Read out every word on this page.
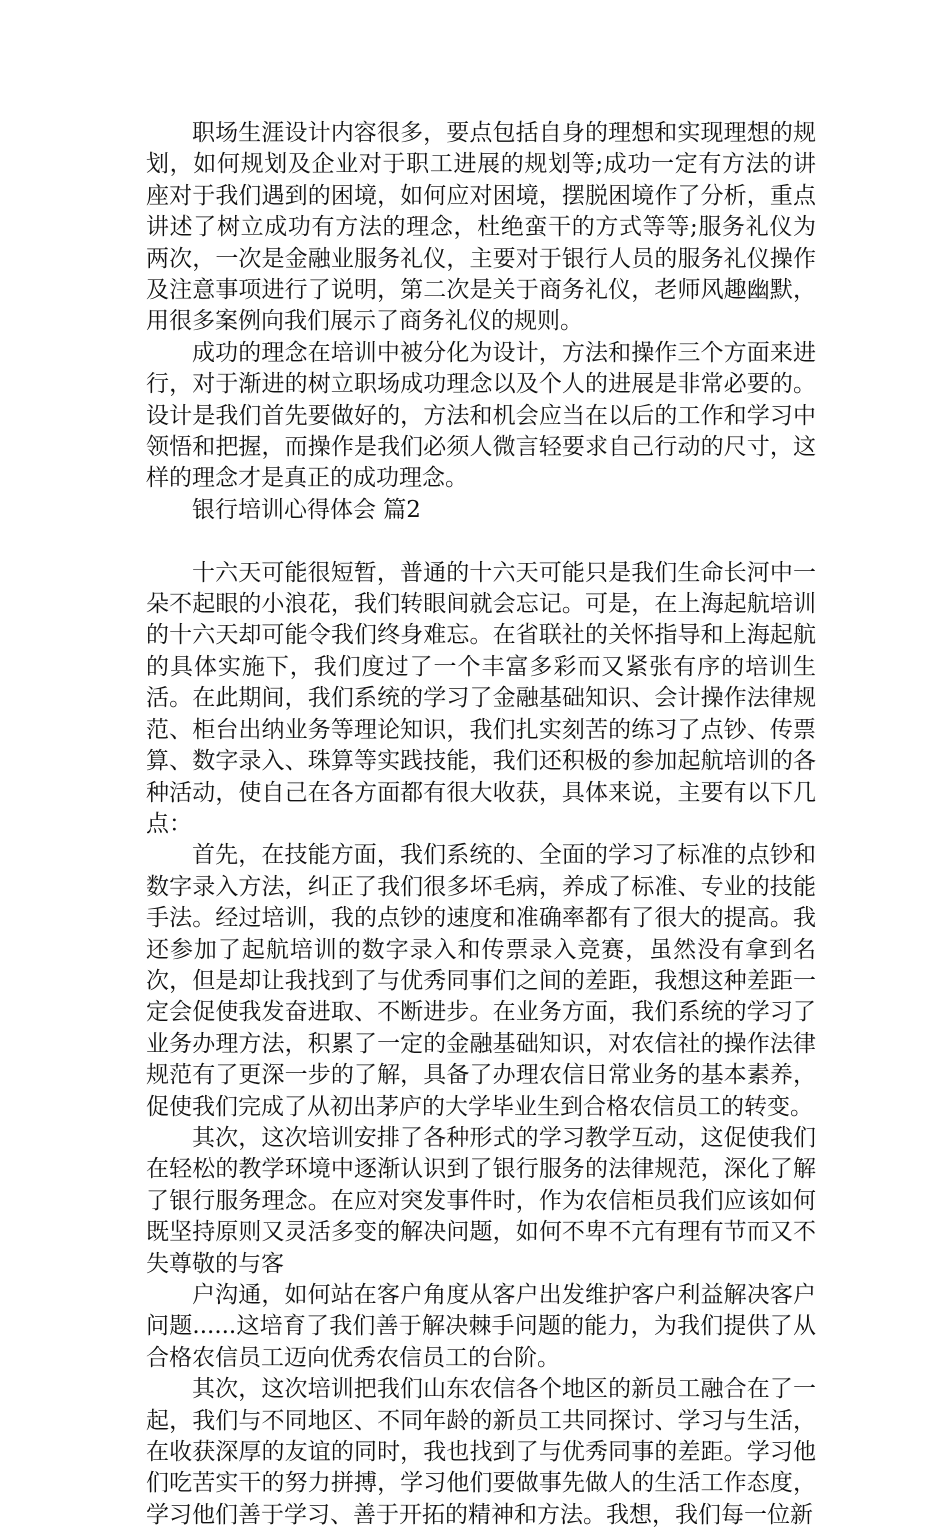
职场生涯设计内容很多，要点包括自身的理想和实现理想的规划，如何规划及企业对于职工进展的规划等;成功一定有方法的讲座对于我们遇到的困境，如何应对困境，摆脱困境作了分析，重点讲述了树立成功有方法的理念，杜绝蛮干的方式等等;服务礼仪为两次，一次是金融业服务礼仪，主要对于银行人员的服务礼仪操作及注意事项进行了说明，第二次是关于商务礼仪，老师风趣幽默，用很多案例向我们展示了商务礼仪的规则。

成功的理念在培训中被分化为设计，方法和操作三个方面来进行，对于渐进的树立职场成功理念以及个人的进展是非常必要的。设计是我们首先要做好的，方法和机会应当在以后的工作和学习中领悟和把握，而操作是我们必须人微言轻要求自己行动的尺寸，这样的理念才是真正的成功理念。

银行培训心得体会 篇2

十六天可能很短暂，普通的十六天可能只是我们生命长河中一朵不起眼的小浪花，我们转眼间就会忘记。可是，在上海起航培训的十六天却可能令我们终身难忘。在省联社的关怀指导和上海起航的具体实施下，我们度过了一个丰富多彩而又紧张有序的培训生活。在此期间，我们系统的学习了金融基础知识、会计操作法律规范、柜台出纳业务等理论知识，我们扎实刻苦的练习了点钞、传票算、数字录入、珠算等实践技能，我们还积极的参加起航培训的各种活动，使自己在各方面都有很大收获，具体来说，主要有以下几点：

首先，在技能方面，我们系统的、全面的学习了标准的点钞和数字录入方法，纠正了我们很多坏毛病，养成了标准、专业的技能手法。经过培训，我的点钞的速度和准确率都有了很大的提高。我还参加了起航培训的数字录入和传票录入竞赛，虽然没有拿到名次，但是却让我找到了与优秀同事们之间的差距，我想这种差距一定会促使我发奋进取、不断进步。在业务方面，我们系统的学习了业务办理方法，积累了一定的金融基础知识，对农信社的操作法律规范有了更深一步的了解，具备了办理农信日常业务的基本素养，促使我们完成了从初出茅庐的大学毕业生到合格农信员工的转变。

其次，这次培训安排了各种形式的学习教学互动，这促使我们在轻松的教学环境中逐渐认识到了银行服务的法律规范，深化了解了银行服务理念。在应对突发事件时，作为农信柜员我们应该如何既坚持原则又灵活多变的解决问题，如何不卑不亢有理有节而又不失尊敬的与客

户沟通，如何站在客户角度从客户出发维护客户利益解决客户问题......这培育了我们善于解决棘手问题的能力，为我们提供了从合格农信员工迈向优秀农信员工的台阶。

其次，这次培训把我们山东农信各个地区的新员工融合在了一起，我们与不同地区、不同年龄的新员工共同探讨、学习与生活，在收获深厚的友谊的同时，我也找到了与优秀同事的差距。学习他们吃苦实干的努力拼搏，学习他们要做事先做人的生活工作态度，学习他们善于学习、善于开拓的精神和方法。我想，我们每一位新
